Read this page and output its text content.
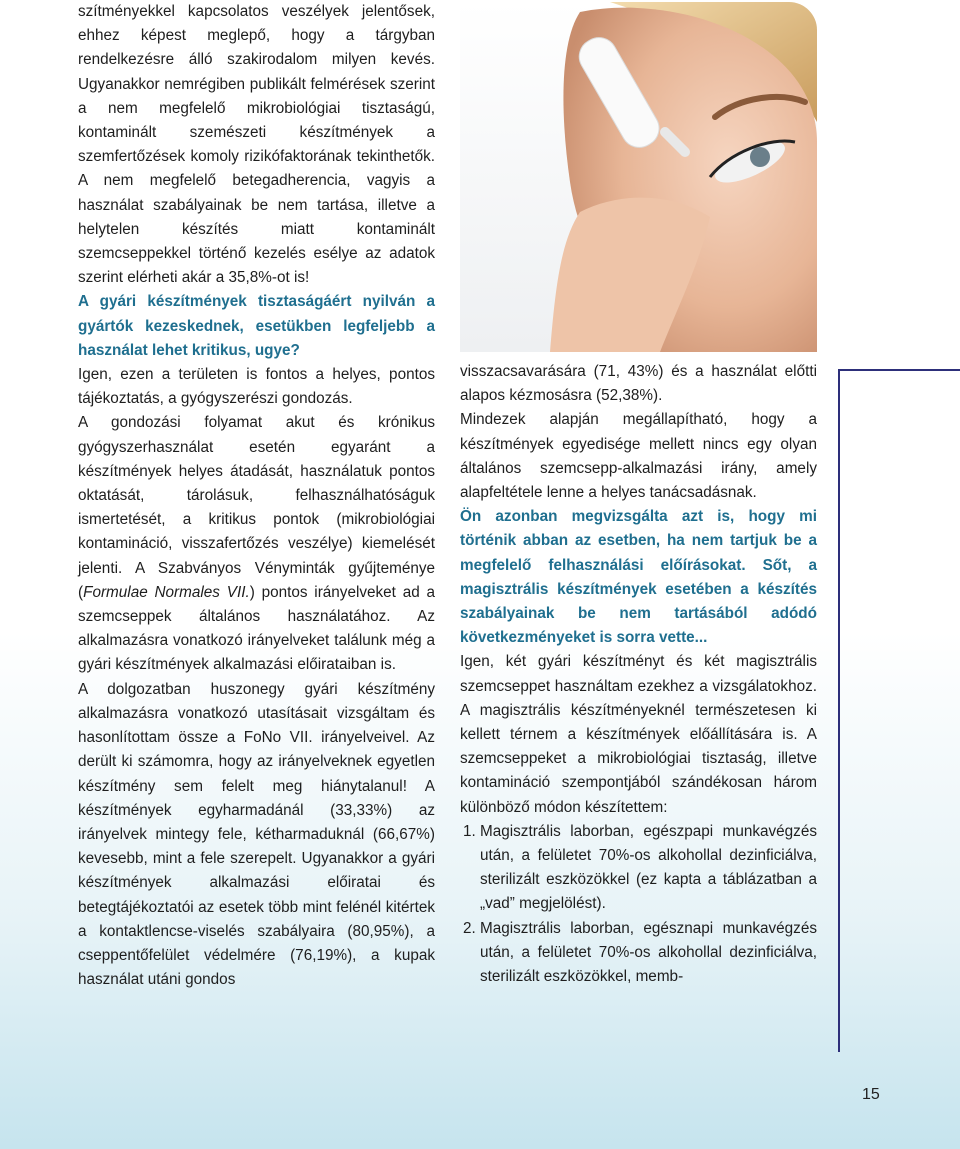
szítményekkel kapcsolatos veszélyek jelentősek, ehhez képest meglepő, hogy a tárgyban rendelkezésre álló szakirodalom milyen kevés. Ugyanakkor nemrégiben publikált felmérések szerint a nem megfelelő mikrobiológiai tisztaságú, kontaminált szemészeti készítmények a szemfertőzések komoly rizikófaktorának tekinthetők. A nem megfelelő betegadherencia, vagyis a használat szabályainak be nem tartása, illetve a helytelen készítés miatt kontaminált szemcseppekkel történő kezelés esélye az adatok szerint elérheti akár a 35,8%-ot is!

A gyári készítmények tisztaságáért nyilván a gyártók kezeskednek, esetükben legfeljebb a használat lehet kritikus, ugye?

Igen, ezen a területen is fontos a helyes, pontos tájékoztatás, a gyógyszerészi gondozás.

A gondozási folyamat akut és krónikus gyógyszerhasználat esetén egyaránt a készítmények helyes átadását, használatuk pontos oktatását, tárolásuk, felhasználhatóságuk ismertetését, a kritikus pontok (mikrobiológiai kontamináció, visszafertőzés veszélye) kiemelését jelenti. A Szabványos Vényminták gyűjteménye (Formulae Normales VII.) pontos irányelveket ad a szemcseppek általános használatához. Az alkalmazásra vonatkozó irányelveket találunk még a gyári készítmények alkalmazási előirataiban is.

A dolgozatban huszonegy gyári készítmény alkalmazásra vonatkozó utasításait vizsgáltam és hasonlítottam össze a FoNo VII. irányelveivel. Az derült ki számomra, hogy az irányelveknek egyetlen készítmény sem felelt meg hiánytalanul! A készítmények egyharmadánál (33,33%) az irányelvek mintegy fele, kétharmaduknál (66,67%) kevesebb, mint a fele szerepelt. Ugyanakkor a gyári készítmények alkalmazási előiratai és betegtájékoztatói az esetek több mint felénél kitértek a kontaktlencse-viselés szabályaira (80,95%), a cseppentőfelület védelmére (76,19%), a kupak használat utáni gondos

visszacsavarására (71, 43%) és a használat előtti alapos kézmosásra (52,38%).

Mindezek alapján megállapítható, hogy a készítmények egyedisége mellett nincs egy olyan általános szemcsepp-alkalmazási irány, amely alapfeltétele lenne a helyes tanácsadásnak.

Ön azonban megvizsgálta azt is, hogy mi történik abban az esetben, ha nem tartjuk be a megfelelő felhasználási előírásokat. Sőt, a magisztrális készítmények esetében a készítés szabályainak be nem tartásából adódó következményeket is sorra vette...

Igen, két gyári készítményt és két magisztrális szemcseppet használtam ezekhez a vizsgálatokhoz. A magisztrális készítményeknél természetesen ki kellett térnem a készítmények előállítására is. A szemcseppeket a mikrobiológiai tisztaság, illetve kontamináció szempontjából szándékosan három különböző módon készítettem:

1. Magisztrális laborban, egészpapi munkavégzés után, a felületet 70%-os alkohollal dezinficiálva, sterilizált eszközökkel (ez kapta a táblázatban a „vad” megjelölést).
2. Magisztrális laborban, egésznapi munkavégzés után, a felületet 70%-os alkohollal dezinficiálva, sterilizált eszközökkel, memb-
15
